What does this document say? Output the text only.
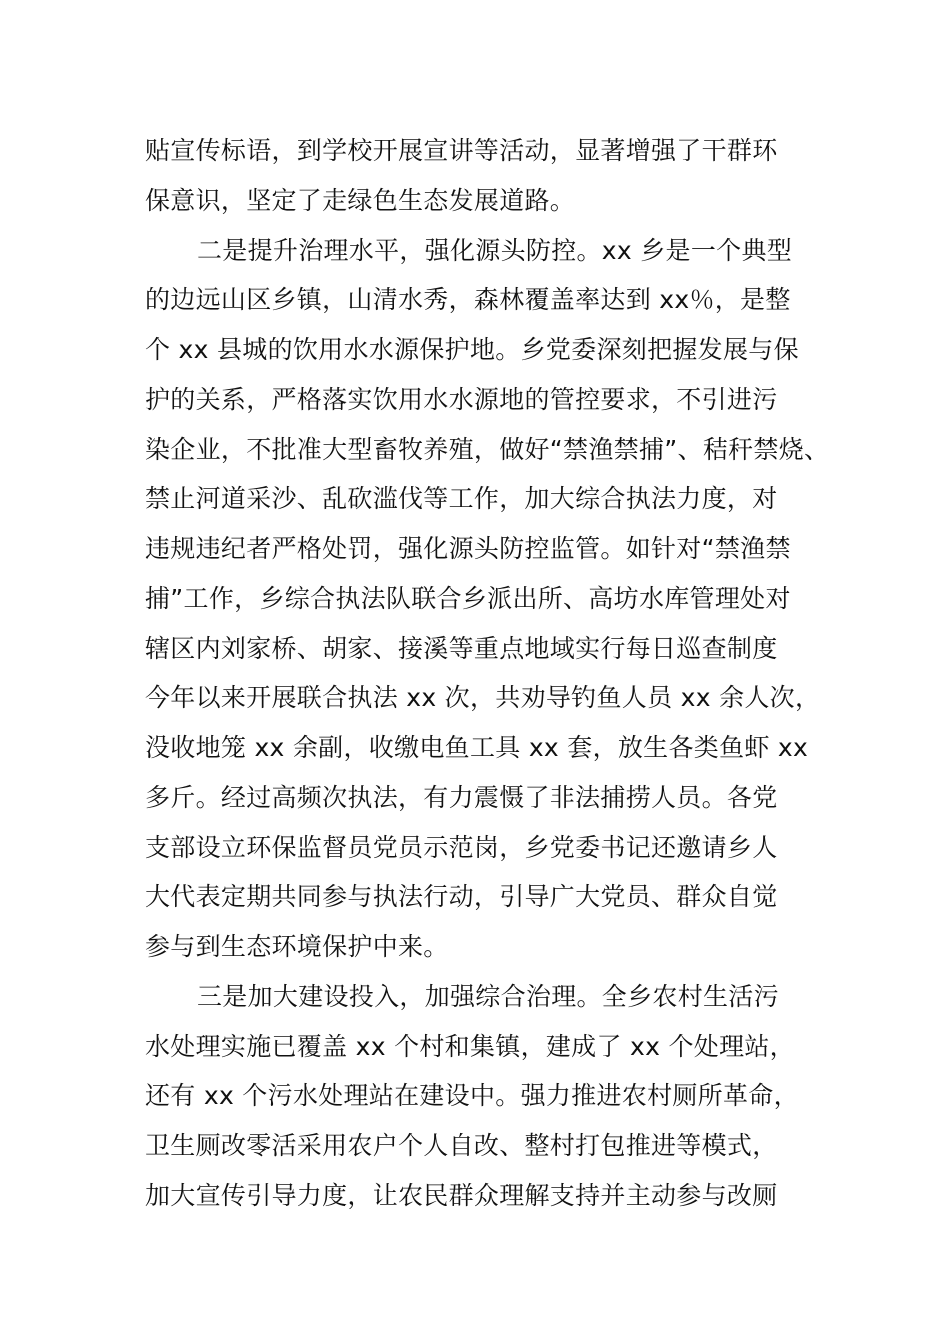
贴宣传标语，到学校开展宣讲等活动，显著增强了干群环
保意识，坚定了走绿色生态发展道路。
二是提升治理水平，强化源头防控。xx 乡是一个典型
的边远山区乡镇，山清水秀，森林覆盖率达到 xx％，是整
个 xx 县城的饮用水水源保护地。乡党委深刻把握发展与保
护的关系，严格落实饮用水水源地的管控要求，不引进污
染企业，不批准大型畜牧养殖，做好“禁渔禁捕”、秸秆禁烧、
禁止河道采沙、乱砍滥伐等工作，加大综合执法力度，对
违规违纪者严格处罚，强化源头防控监管。如针对“禁渔禁
捕”工作，乡综合执法队联合乡派出所、高坊水库管理处对
辖区内刘家桥、胡家、接溪等重点地域实行每日巡查制度
今年以来开展联合执法 xx 次，共劝导钓鱼人员 xx 余人次，
没收地笼 xx 余副，收缴电鱼工具 xx 套，放生各类鱼虾 xx
多斤。经过高频次执法，有力震慑了非法捕捞人员。各党
支部设立环保监督员党员示范岗，乡党委书记还邀请乡人
大代表定期共同参与执法行动，引导广大党员、群众自觉
参与到生态环境保护中来。
三是加大建设投入，加强综合治理。全乡农村生活污
水处理实施已覆盖 xx 个村和集镇，建成了 xx 个处理站，
还有 xx 个污水处理站在建设中。强力推进农村厕所革命，
卫生厕改零活采用农户个人自改、整村打包推进等模式，
加大宣传引导力度，让农民群众理解支持并主动参与改厕
